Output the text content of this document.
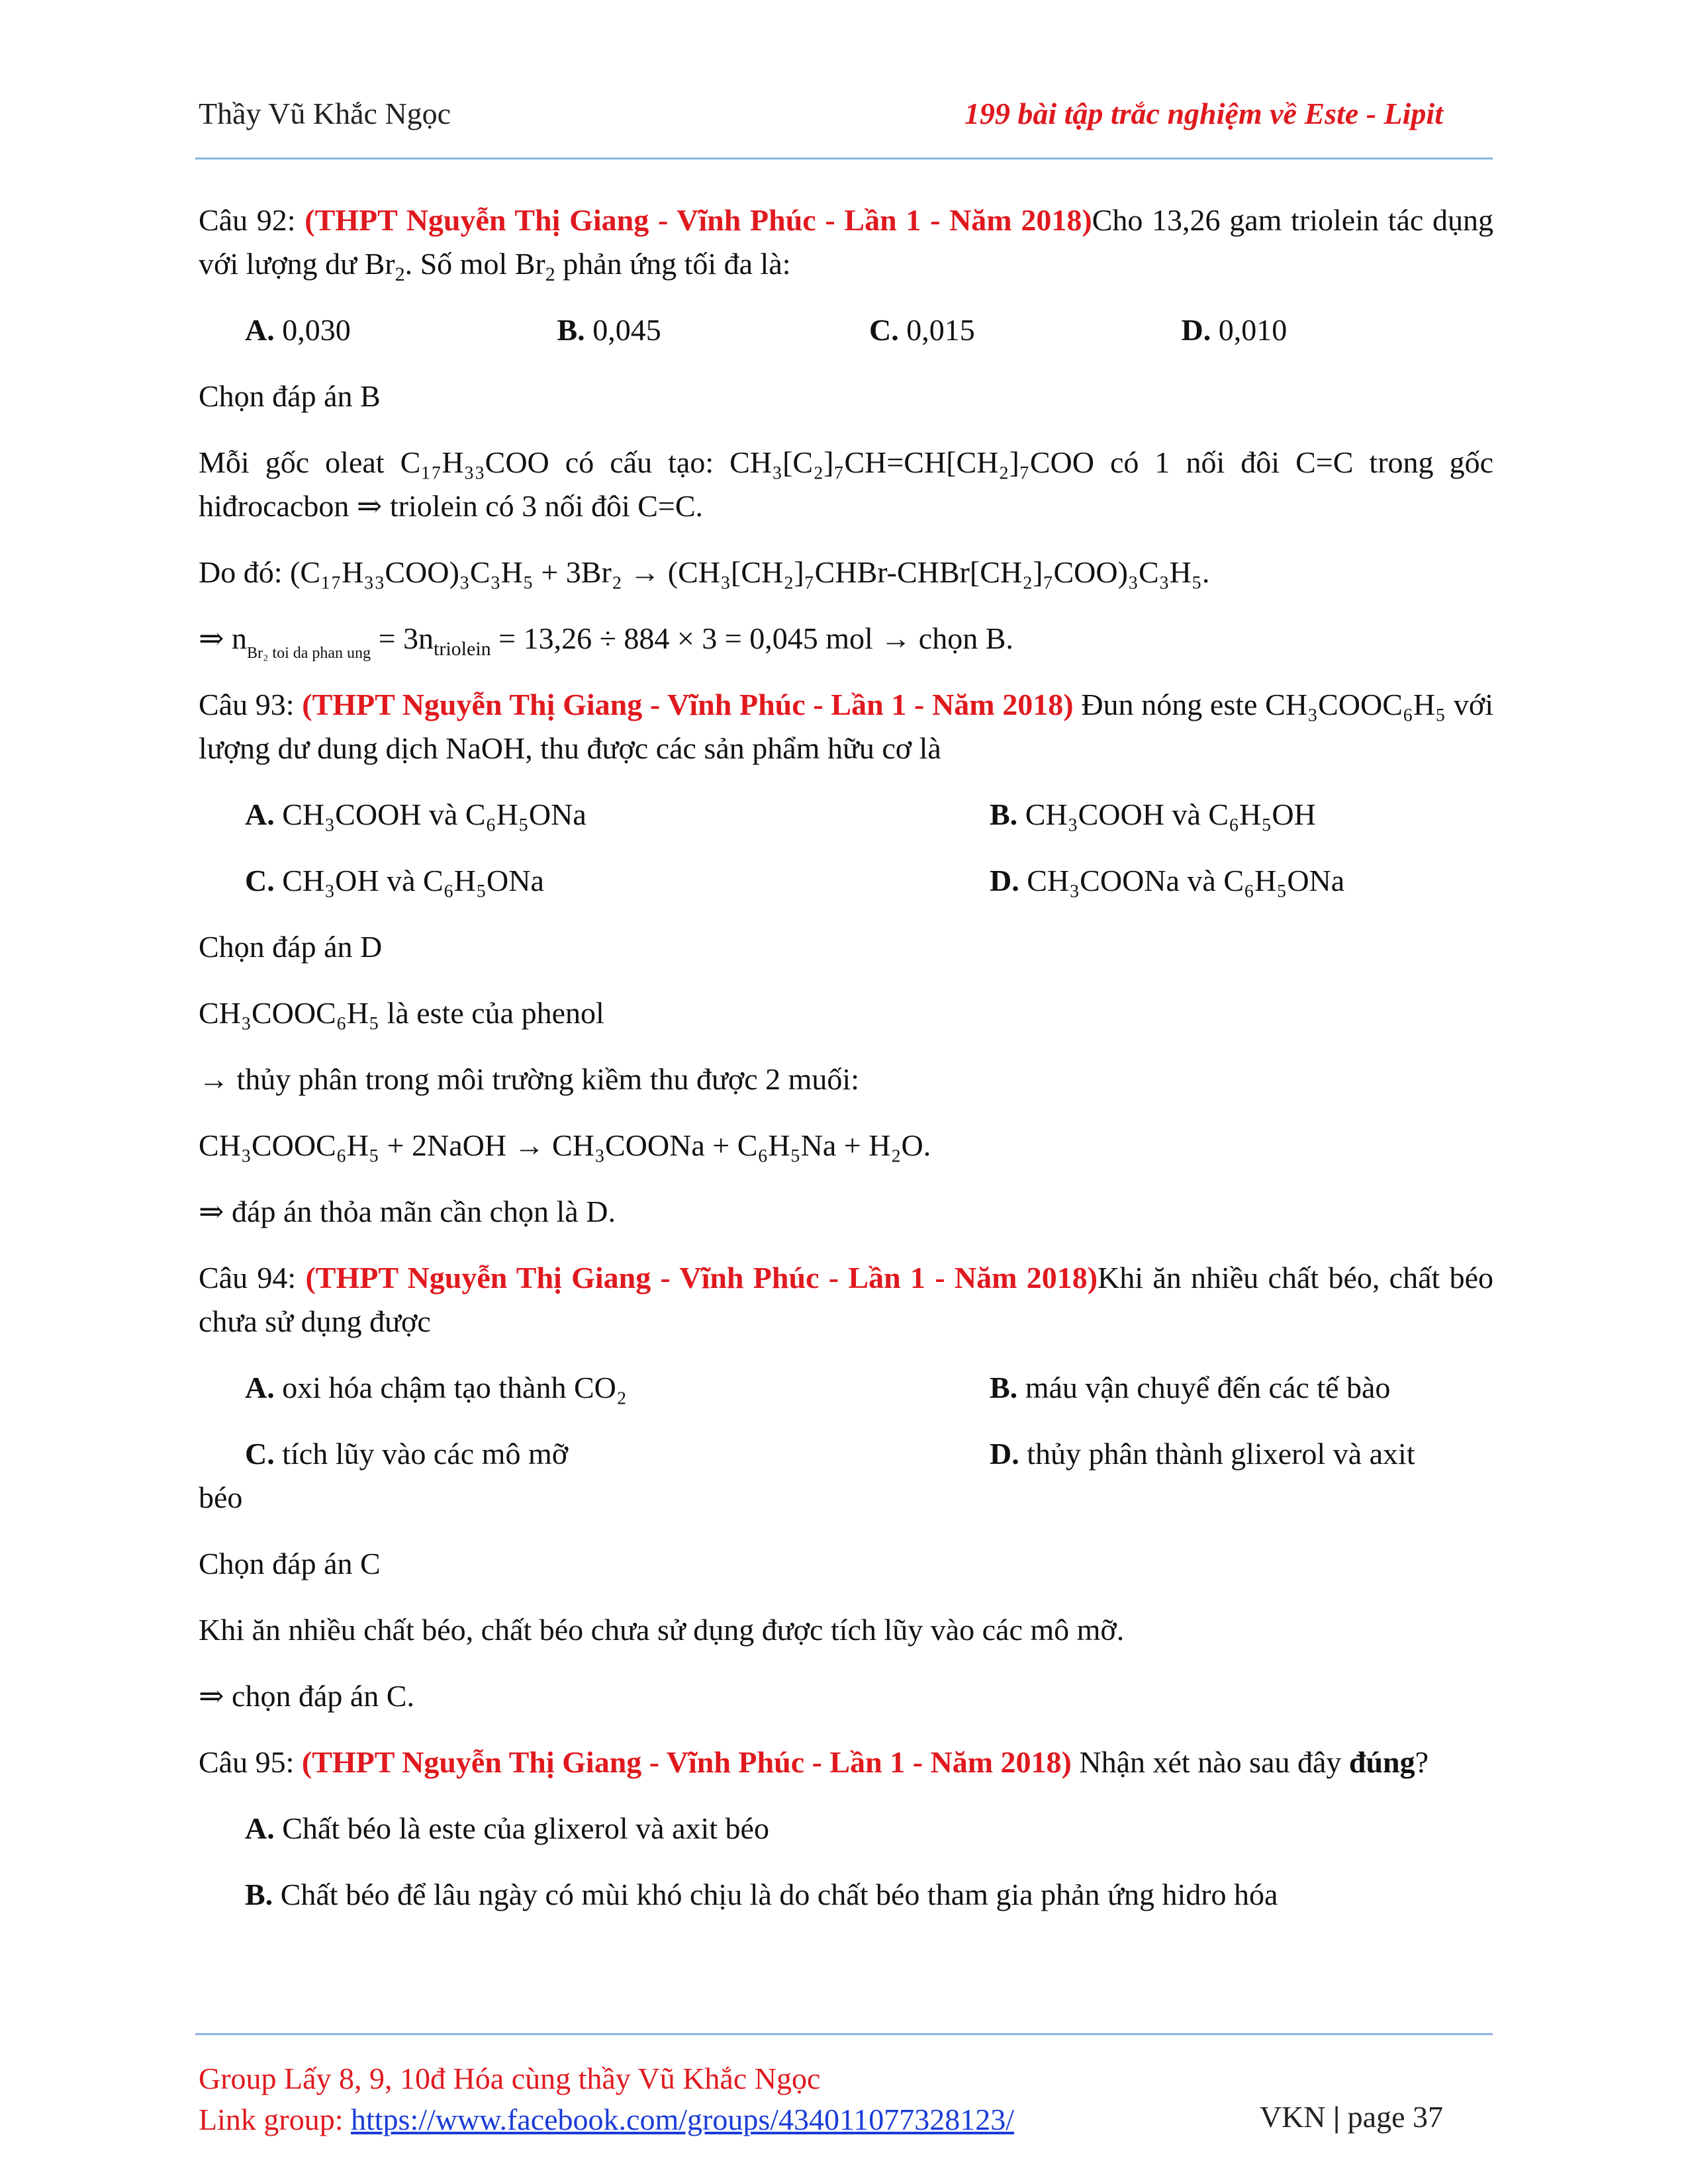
Thầy Vũ Khắc Ngọc	199 bài tập trắc nghiệm về Este - Lipit

Câu 92: (THPT Nguyễn Thị Giang - Vĩnh Phúc - Lần 1 - Năm 2018)Cho 13,26 gam triolein tác dụng với lượng dư $Br_2$. Số mol $Br_2$ phản ứng tối đa là:

A. 0,030	B. 0,045	C. 0,015	D. 0,010

Chọn đáp án B

Mỗi gốc oleat C₁₇H₃₃COO có cấu tạo: CH₃[C₂]₇CH=CH[CH₂]₇COO có 1 nối đôi C=C trong gốc hiđrocacbon ⇒ triolein có 3 nối đôi C=C.

Do đó: (C₁₇H₃₃COO)₃C₃H₅ + 3Br₂ → (CH₃[CH₂]₇CHBr-CHBr[CH₂]₇COO)₃C₃H₅.

⇒ $n_{Br_2 toi da phan ung} = 3n_{triolein} = 13,26 \div 884 \times 3 = 0,045$ mol → chọn B.

Câu 93: (THPT Nguyễn Thị Giang - Vĩnh Phúc - Lần 1 - Năm 2018) Đun nóng este CH₃COOC₆H₅ với lượng dư dung dịch NaOH, thu được các sản phẩm hữu cơ là

A. CH₃COOH và C₆H₅ONa	B. CH₃COOH và C₆H₅OH
C. CH₃OH và C₆H₅ONa	D. CH₃COONa và C₆H₅ONa

Chọn đáp án D

CH₃COOC₆H₅ là este của phenol

→ thủy phân trong môi trường kiềm thu được 2 muối:

CH₃COOC₆H₅ + 2NaOH → CH₃COONa + C₆H₅Na + H₂O.

⇒ đáp án thỏa mãn cần chọn là D.

Câu 94: (THPT Nguyễn Thị Giang - Vĩnh Phúc - Lần 1 - Năm 2018)Khi ăn nhiều chất béo, chất béo chưa sử dụng được

A. oxi hóa chậm tạo thành CO₂	B. máu vận chuyể đến các tế bào
C. tích lũy vào các mô mỡ	D. thủy phân thành glixerol và axit

béo

Chọn đáp án C

Khi ăn nhiều chất béo, chất béo chưa sử dụng được tích lũy vào các mô mỡ.

⇒ chọn đáp án C.

Câu 95: (THPT Nguyễn Thị Giang - Vĩnh Phúc - Lần 1 - Năm 2018) Nhận xét nào sau đây đúng?

A. Chất béo là este của glixerol và axit béo

B. Chất béo để lâu ngày có mùi khó chịu là do chất béo tham gia phản ứng hidro hóa

Group Lấy 8, 9, 10đ Hóa cùng thầy Vũ Khắc Ngọc
Link group: https://www.facebook.com/groups/434011077328123/	VKN | page 37
